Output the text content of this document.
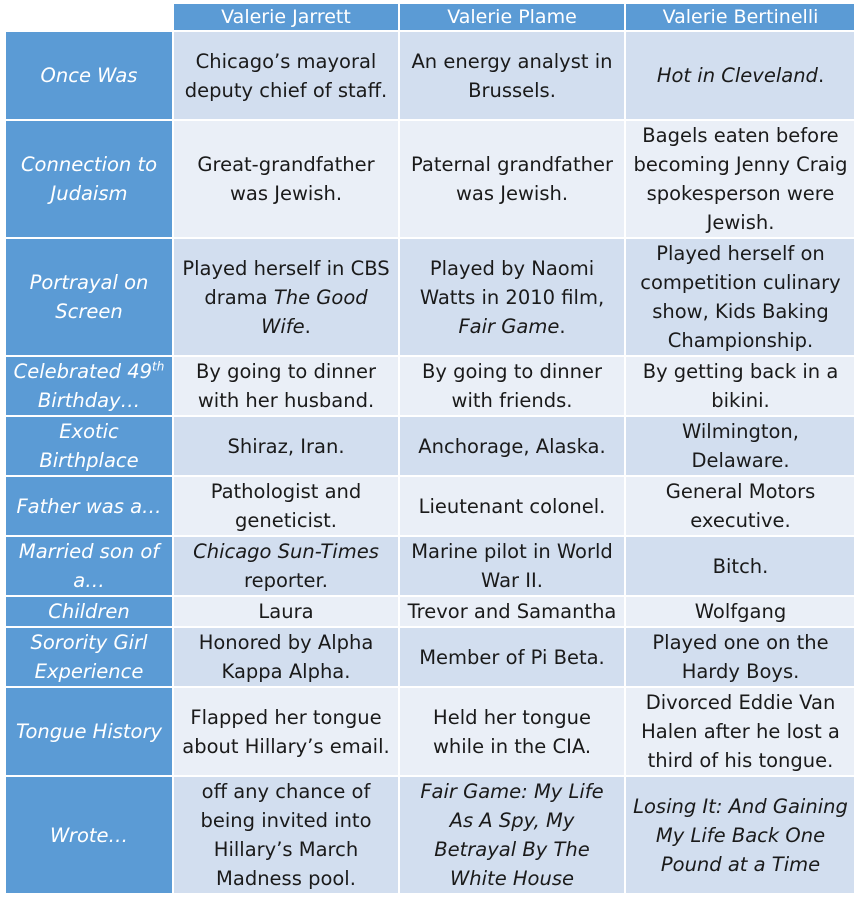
	Valerie Jarrett	Valerie Plame	Valerie Bertinelli
Once Was	Chicago’s mayoral deputy chief of staff.	An energy analyst in Brussels.	Hot in Cleveland.
Connection to Judaism	Great-grandfather was Jewish.	Paternal grandfather was Jewish.	Bagels eaten before becoming Jenny Craig spokesperson were Jewish.
Portrayal on Screen	Played herself in CBS drama The Good Wife.	Played by Naomi Watts in 2010 film, Fair Game.	Played herself on competition culinary show, Kids Baking Championship.
Celebrated 49th Birthday…	By going to dinner with her husband.	By going to dinner with friends.	By getting back in a bikini.
Exotic Birthplace	Shiraz, Iran.	Anchorage, Alaska.	Wilmington, Delaware.
Father was a…	Pathologist and geneticist.	Lieutenant colonel.	General Motors executive.
Married son of a…	Chicago Sun-Times reporter.	Marine pilot in World War II.	Bitch.
Children	Laura	Trevor and Samantha	Wolfgang
Sorority Girl Experience	Honored by Alpha Kappa Alpha.	Member of Pi Beta.	Played one on the Hardy Boys.
Tongue History	Flapped her tongue about Hillary’s email.	Held her tongue while in the CIA.	Divorced Eddie Van Halen after he lost a third of his tongue.
Wrote…	off any chance of being invited into Hillary’s March Madness pool.	Fair Game: My Life As A Spy, My Betrayal By The White House	Losing It: And Gaining My Life Back One Pound at a Time
